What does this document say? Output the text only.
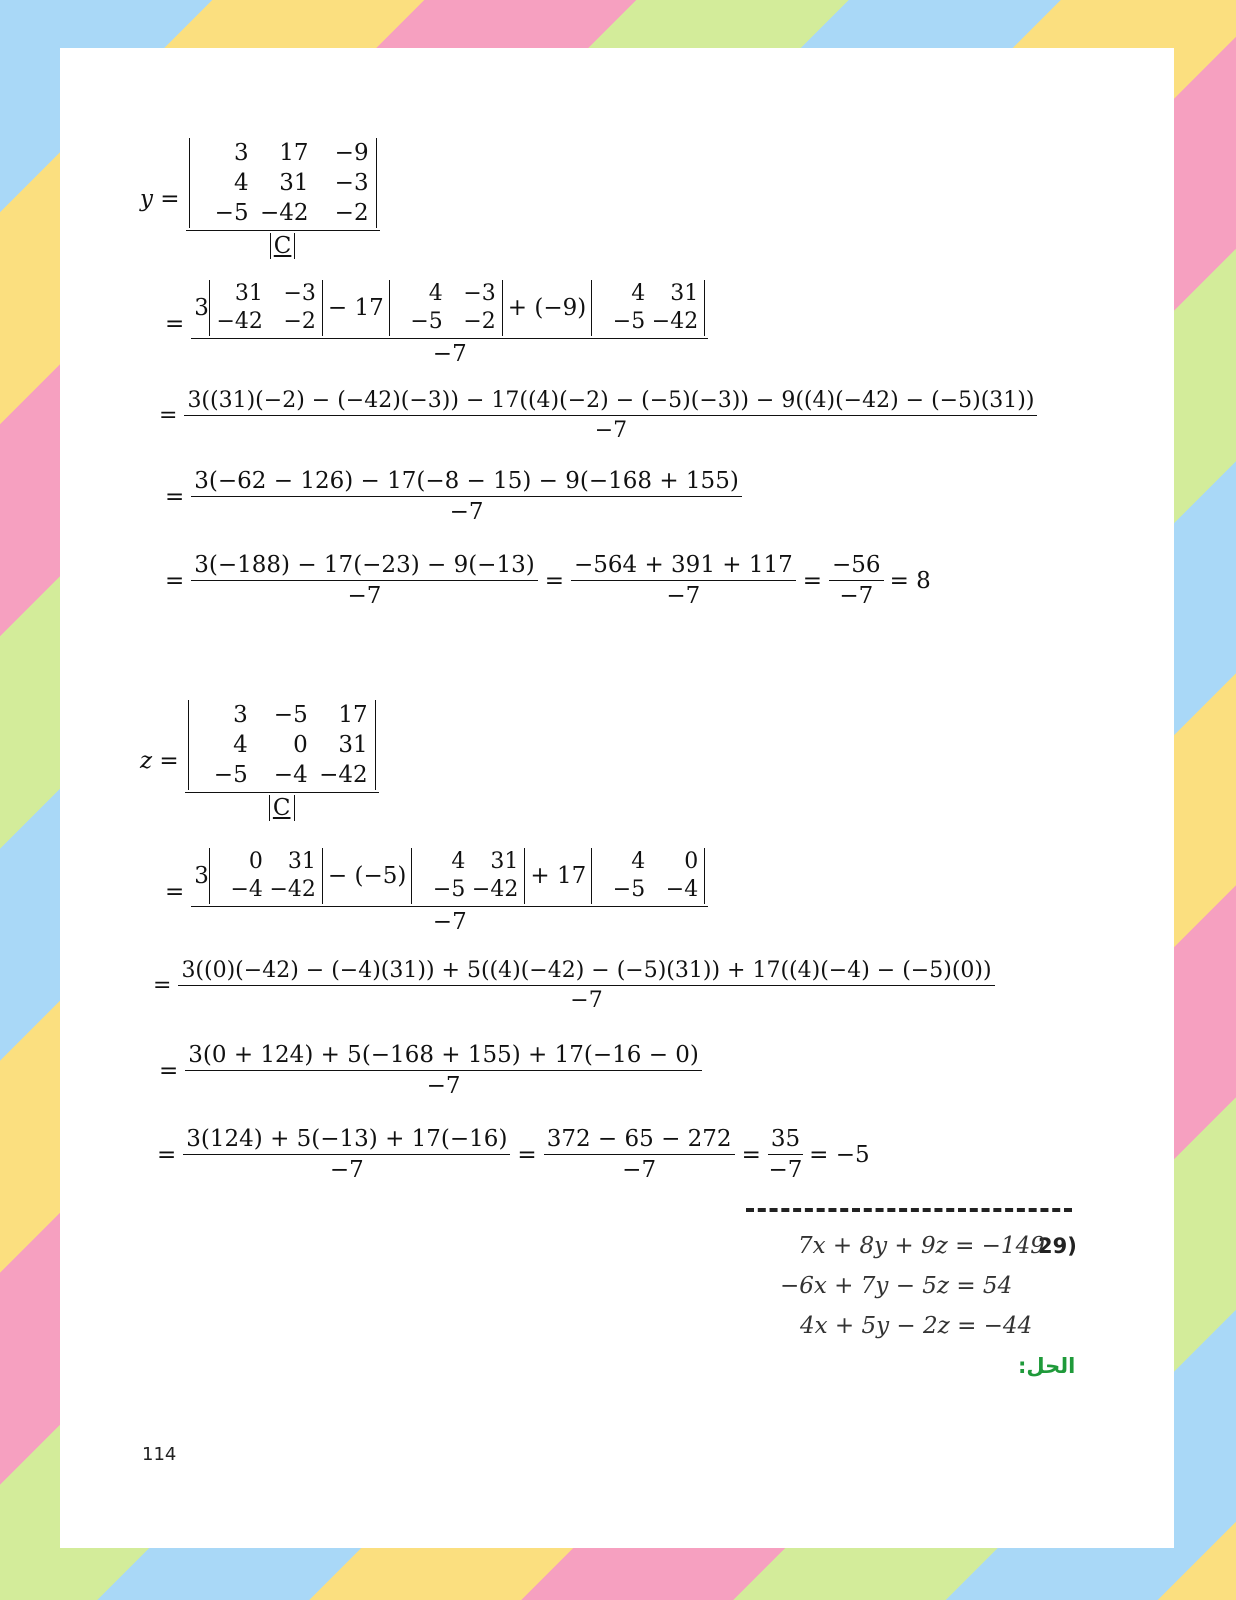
y = 3	17	−9
4	31	−3
−5 −42	−2
C
=
3
31 −3
−42 −2
− 17
4 −3
−5 −2
+ (−9)
4	31
−5 −42
−7
=
3((31)(−2) − (−42)(−3)) − 17((4)(−2) − (−5)(−3)) − 9((4)(−42) − (−5)(31))
−7
= $\frac{3(-62 - 126) - 17(-8 - 15) - 9(-168 + 155)}{-7}$
= $\frac{3(-188) - 17(-23) - 9(-13)}{-7} = \frac{-564 + 391 + 117}{-7} = \frac{-56}{-7} = 8$
z = 3	−5	17
4	0	31
−5	−4 −42
C
=
3
0	31
−4 −42
− (−5)
4	31
−5 −42
+ 17
4	0
−5 −4
−7
=
3((0)(−42) − (−4)(31)) + 5((4)(−42) − (−5)(31)) + 17((4)(−4) − (−5)(0))
−7
= $\frac{3(0 + 124) + 5(-168 + 155) + 17(-16 - 0)}{-7}$
= $\frac{3(124) + 5(-13) + 17(-16)}{-7} = \frac{372 - 65 - 272}{-7} = \frac{35}{-7} = -5$
29)
7x + 8y + 9z = −149
−6x + 7y − 5z = 54
4x + 5y − 2z = −44
الحل:
114
